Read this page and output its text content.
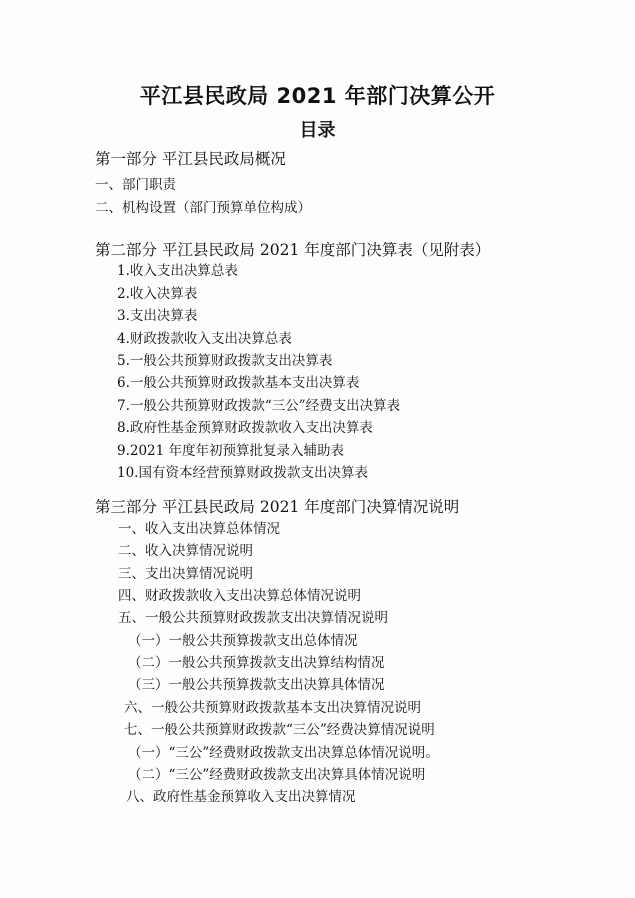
平江县民政局 2021 年部门决算公开
目录
第一部分 平江县民政局概况
一、部门职责
二、机构设置（部门预算单位构成）
第二部分 平江县民政局 2021 年度部门决算表（见附表）
1.收入支出决算总表
2.收入决算表
3.支出决算表
4.财政拨款收入支出决算总表
5.一般公共预算财政拨款支出决算表
6.一般公共预算财政拨款基本支出决算表
7.一般公共预算财政拨款“三公”经费支出决算表
8.政府性基金预算财政拨款收入支出决算表
9.2021 年度年初预算批复录入辅助表
10.国有资本经营预算财政拨款支出决算表
第三部分 平江县民政局 2021 年度部门决算情况说明
一、收入支出决算总体情况
二、收入决算情况说明
三、支出决算情况说明
四、财政拨款收入支出决算总体情况说明
五、一般公共预算财政拨款支出决算情况说明
（一）一般公共预算拨款支出总体情况
（二）一般公共预算拨款支出决算结构情况
（三）一般公共预算拨款支出决算具体情况
六、一般公共预算财政拨款基本支出决算情况说明
七、一般公共预算财政拨款“三公”经费决算情况说明
（一）“三公”经费财政拨款支出决算总体情况说明。
（二）“三公”经费财政拨款支出决算具体情况说明
八、政府性基金预算收入支出决算情况
